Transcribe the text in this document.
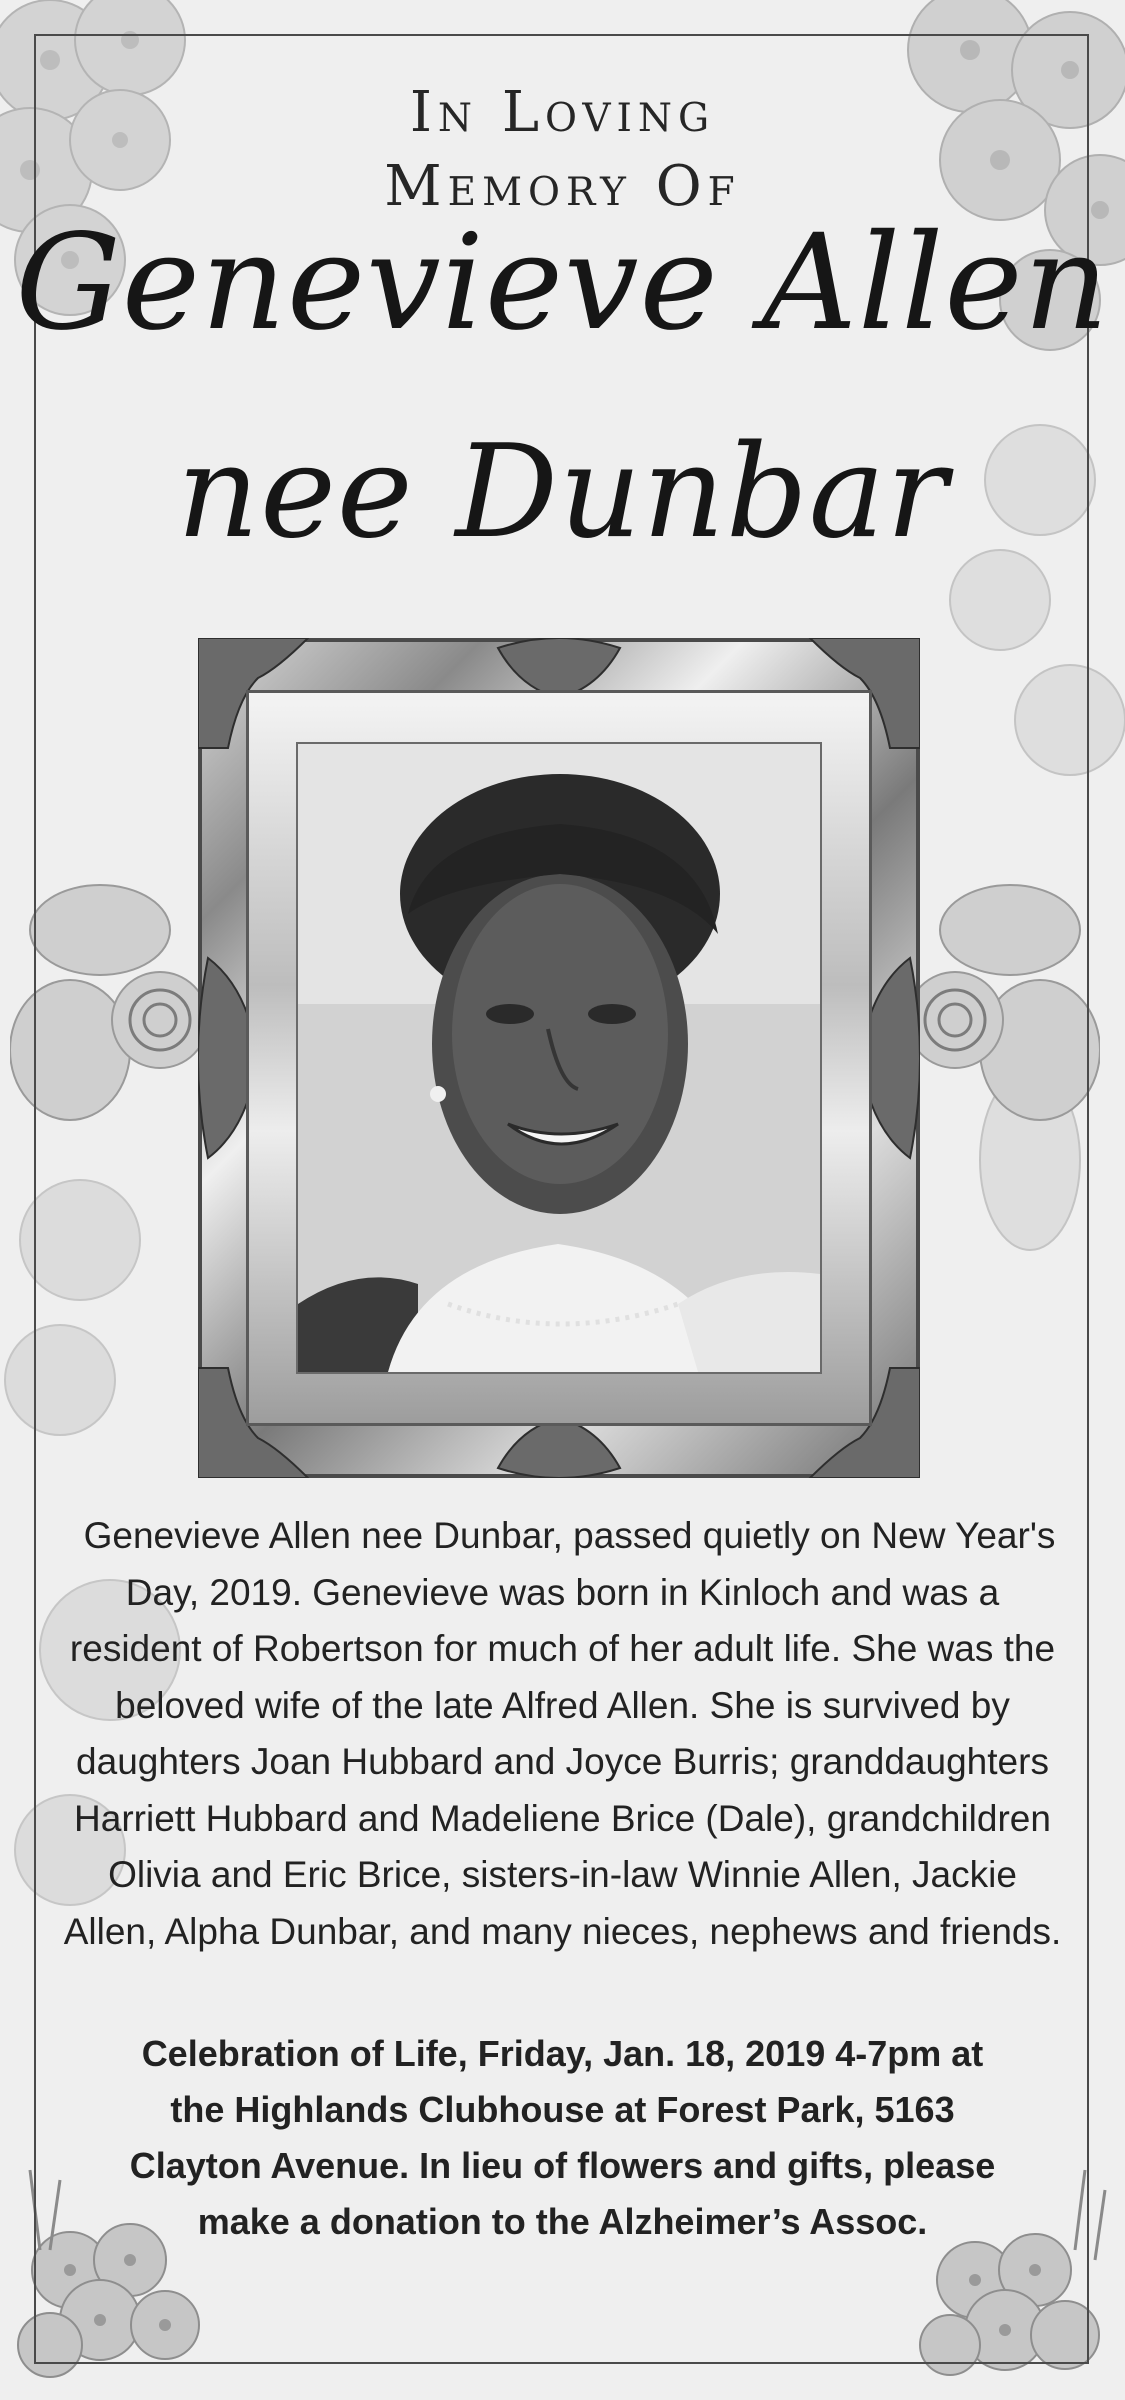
In Loving
Memory Of
Genevieve Allen
nee Dunbar
Genevieve Allen nee Dunbar, passed quietly on New Year's Day, 2019. Genevieve was born in Kinloch and was a resident of Robertson for much of her adult life. She was the beloved wife of the late Alfred Allen. She is survived by daughters Joan Hubbard and Joyce Burris; granddaughters Harriett Hubbard and Madeliene Brice (Dale), grandchildren Olivia and Eric Brice, sisters-in-law Winnie Allen, Jackie Allen, Alpha Dunbar, and many nieces, nephews and friends.
Celebration of Life, Friday, Jan. 18, 2019 4-7pm at the Highlands Clubhouse at Forest Park, 5163 Clayton Avenue. In lieu of flowers and gifts, please make a donation to the Alzheimer’s Assoc.
